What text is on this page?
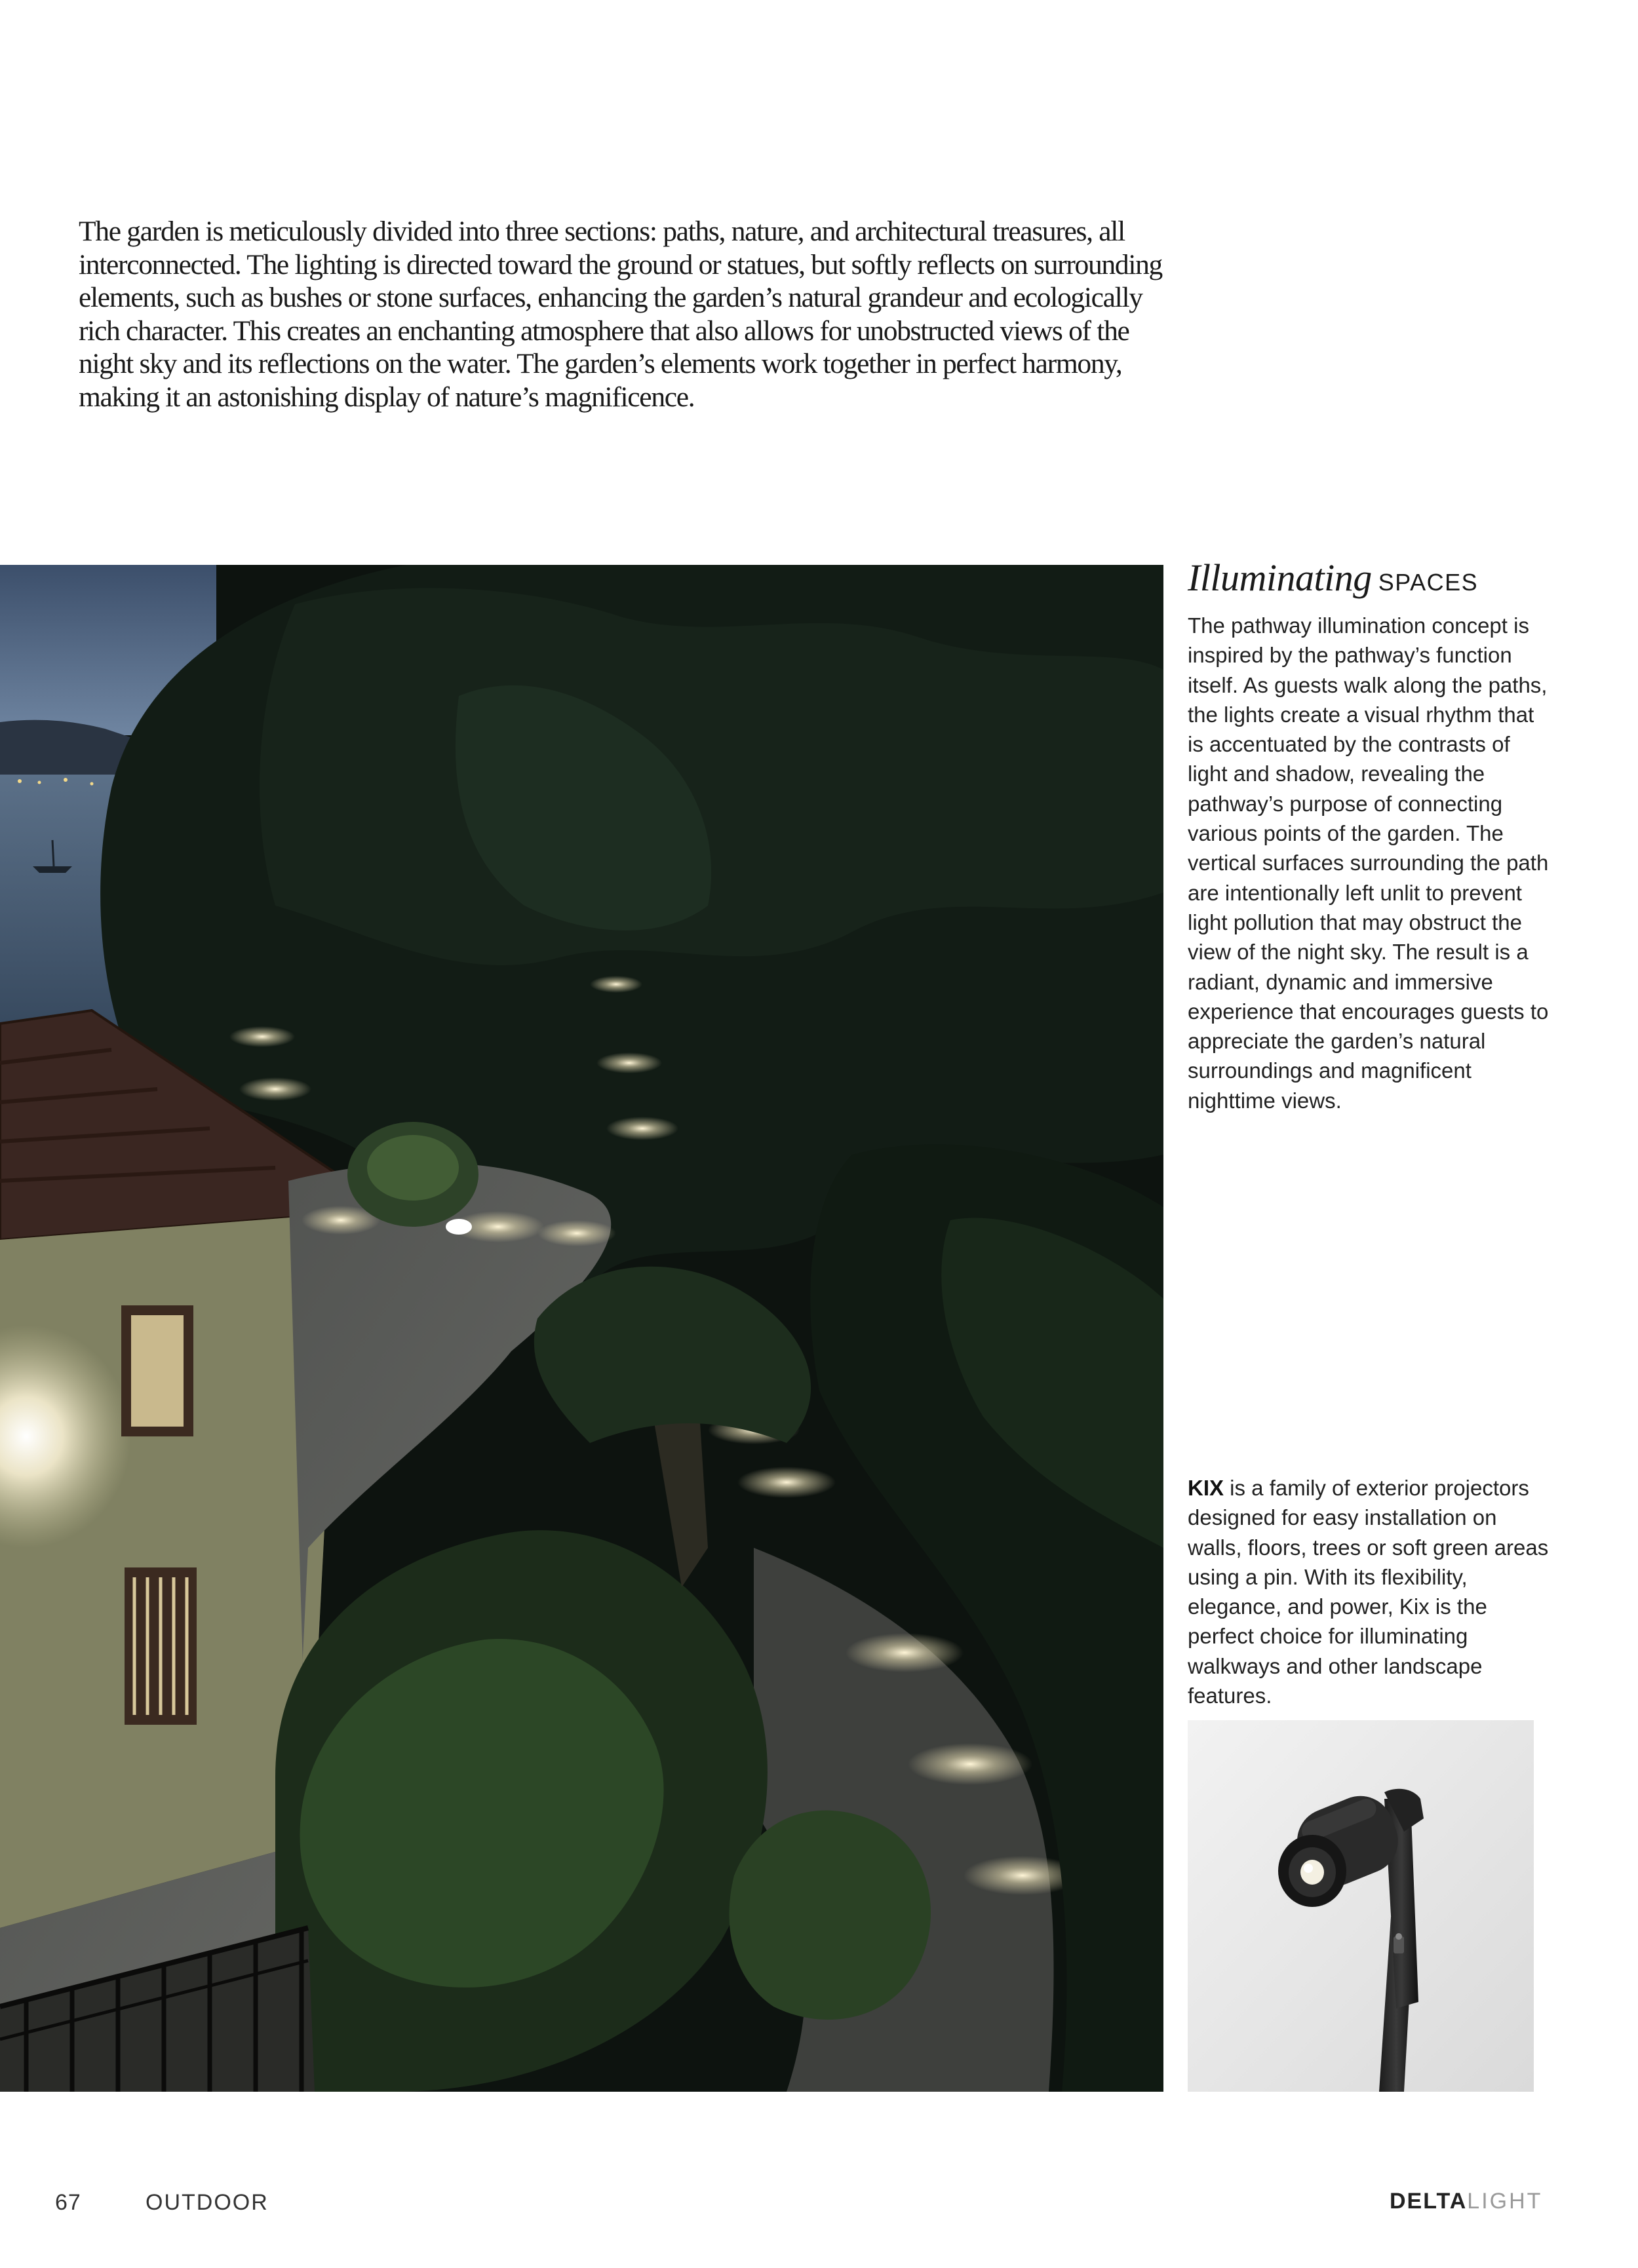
The garden is meticulously divided into three sections: paths, nature, and architectural treasures, all interconnected. The lighting is directed toward the ground or statues, but softly reflects on surrounding elements, such as bushes or stone surfaces, enhancing the garden’s natural grandeur and ecologically rich character. This creates an enchanting atmosphere that also allows for unobstructed views of the night sky and its reflections on the water. The garden’s elements work together in perfect harmony, making it an astonishing display of nature’s magnificence.

Illuminating SPACES

The pathway illumination concept is inspired by the pathway’s function itself. As guests walk along the paths, the lights create a visual rhythm that is accentuated by the contrasts of light and shadow, revealing the pathway’s purpose of connecting various points of the garden. The vertical surfaces surrounding the path are intentionally left unlit to prevent light pollution that may obstruct the view of the night sky. The result is a radiant, dynamic and immersive experience that encourages guests to appreciate the garden’s natural surroundings and magnificent nighttime views.

KIX is a family of exterior projectors designed for easy installation on walls, floors, trees or soft green areas using a pin. With its flexibility, elegance, and power, Kix is the perfect choice for illuminating walkways and other landscape features.

67	OUTDOOR	DELTALIGHT
